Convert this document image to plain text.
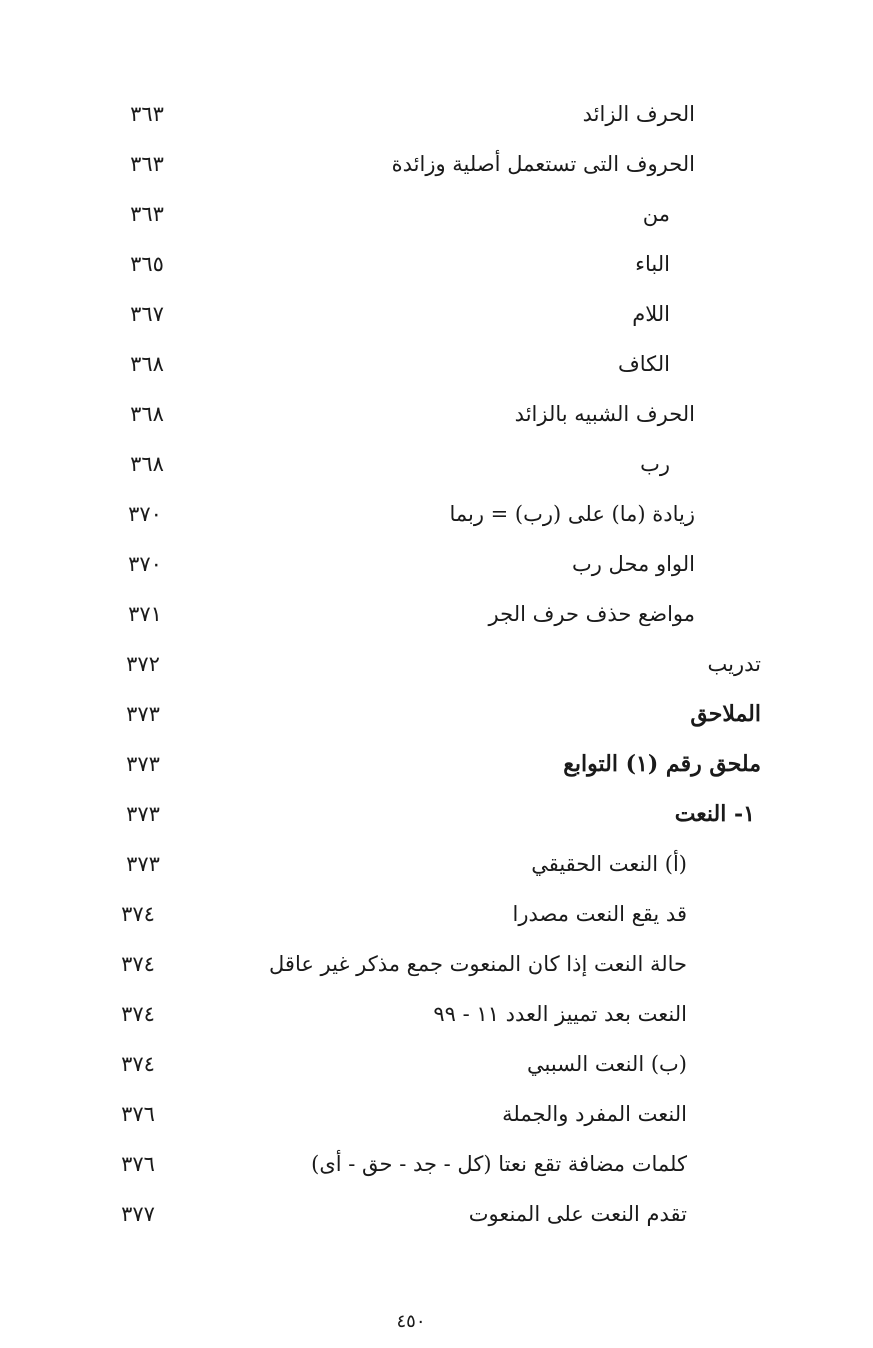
٣٦٣	الحرف الزائد
٣٦٣	الحروف التى تستعمل أصلية وزائدة
٣٦٣	من
٣٦٥	الباء
٣٦٧	اللام
٣٦٨	الكاف
٣٦٨	الحرف الشبيه بالزائد
٣٦٨	رب
٣٧٠	زيادة (ما) على (رب) = ربما
٣٧٠	الواو محل رب
٣٧١	مواضع حذف حرف الجر
٣٧٢	تدريب
٣٧٣	الملاحق
٣٧٣	ملحق رقم (١) التوابع
٣٧٣	١- النعت
٣٧٣	(أ) النعت الحقيقي
٣٧٤	قد يقع النعت مصدرا
٣٧٤	حالة النعت إذا كان المنعوت جمع مذكر غير عاقل
٣٧٤	النعت بعد تمييز العدد ١١ - ٩٩
٣٧٤	(ب) النعت السببي
٣٧٦	النعت المفرد والجملة
٣٧٦	كلمات مضافة تقع نعتا (كل - جد - حق - أى)
٣٧٧	تقدم النعت على المنعوت
٤٥٠
